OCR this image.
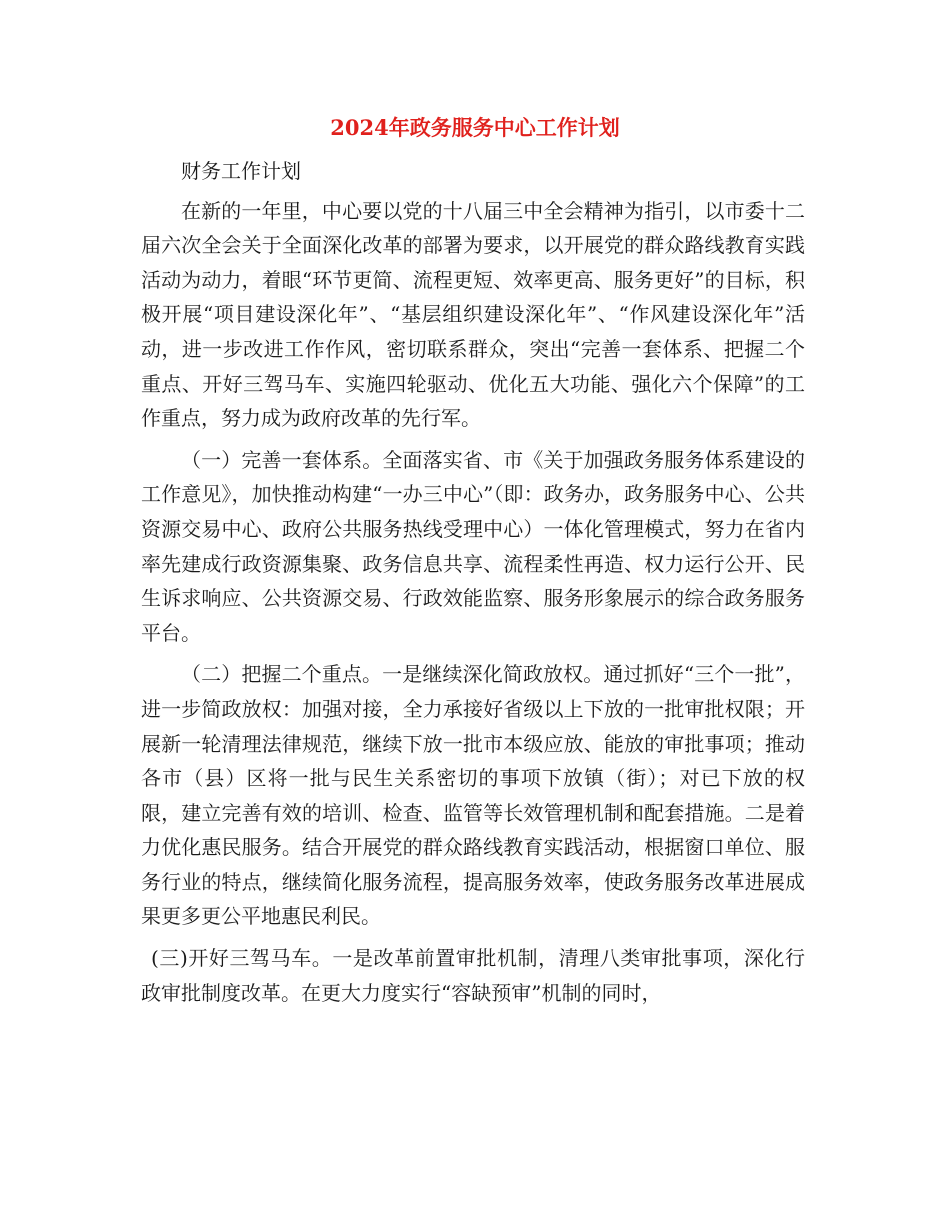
2024年政务服务中心工作计划

财务工作计划

在新的一年里，中心要以党的十八届三中全会精神为指引，以市委十二届六次全会关于全面深化改革的部署为要求，以开展党的群众路线教育实践活动为动力，着眼“环节更简、流程更短、效率更高、服务更好”的目标，积极开展“项目建设深化年”、“基层组织建设深化年”、“作风建设深化年”活动，进一步改进工作作风，密切联系群众，突出“完善一套体系、把握二个重点、开好三驾马车、实施四轮驱动、优化五大功能、强化六个保障”的工作重点，努力成为政府改革的先行军。

（一）完善一套体系。全面落实省、市《关于加强政务服务体系建设的工作意见》，加快推动构建“一办三中心”（即：政务办，政务服务中心、公共资源交易中心、政府公共服务热线受理中心）一体化管理模式，努力在省内率先建成行政资源集聚、政务信息共享、流程柔性再造、权力运行公开、民生诉求响应、公共资源交易、行政效能监察、服务形象展示的综合政务服务平台。

（二）把握二个重点。一是继续深化简政放权。通过抓好“三个一批”，进一步简政放权：加强对接，全力承接好省级以上下放的一批审批权限；开展新一轮清理法律规范，继续下放一批市本级应放、能放的审批事项；推动各市（县）区将一批与民生关系密切的事项下放镇（街）；对已下放的权限，建立完善有效的培训、检查、监管等长效管理机制和配套措施。二是着力优化惠民服务。结合开展党的群众路线教育实践活动，根据窗口单位、服务行业的特点，继续简化服务流程，提高服务效率，使政务服务改革进展成果更多更公平地惠民利民。

(三)开好三驾马车。一是改革前置审批机制，清理八类审批事项，深化行政审批制度改革。在更大力度实行“容缺预审”机制的同时，
